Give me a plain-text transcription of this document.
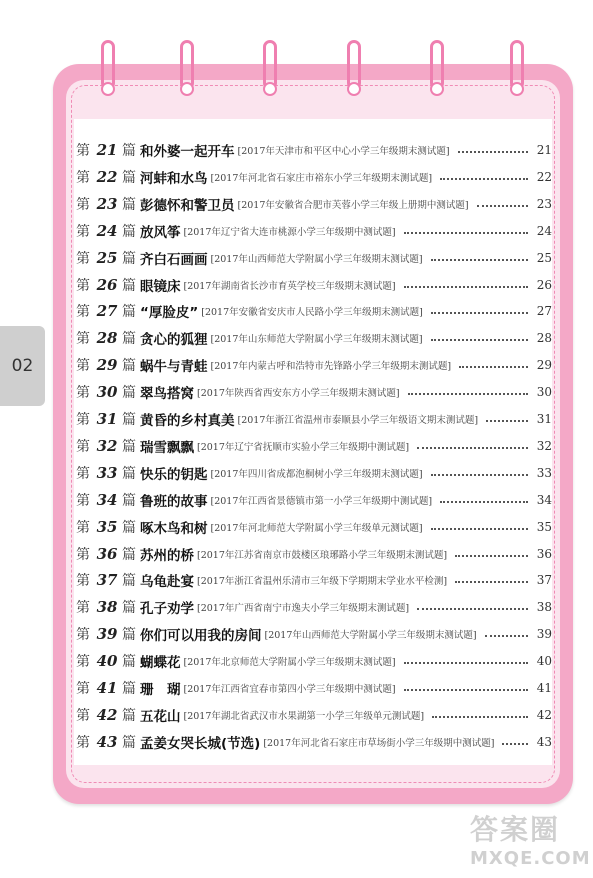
02
第 21 篇 和外婆一起开车 [2017年天津市和平区中心小学三年级期末测试题]	21
第 22 篇 河蚌和水鸟 [2017年河北省石家庄市裕东小学三年级期末测试题]	22
第 23 篇 彭德怀和警卫员 [2017年安徽省合肥市芙蓉小学三年级上册期中测试题]	23
第 24 篇 放风筝 [2017年辽宁省大连市桃源小学三年级期中测试题]	24
第 25 篇 齐白石画画 [2017年山西师范大学附属小学三年级期末测试题]	25
第 26 篇 眼镜床 [2017年湖南省长沙市育英学校三年级期末测试题]	26
第 27 篇 “厚脸皮” [2017年安徽省安庆市人民路小学三年级期末测试题]	27
第 28 篇 贪心的狐狸 [2017年山东师范大学附属小学三年级期末测试题]	28
第 29 篇 蜗牛与青蛙 [2017年内蒙古呼和浩特市先锋路小学三年级期末测试题]	29
第 30 篇 翠鸟搭窝 [2017年陕西省西安东方小学三年级期末测试题]	30
第 31 篇 黄昏的乡村真美 [2017年浙江省温州市泰顺县小学三年级语文期末测试题]	31
第 32 篇 瑞雪飘飘 [2017年辽宁省抚顺市实验小学三年级期中测试题]	32
第 33 篇 快乐的钥匙 [2017年四川省成都泡桐树小学三年级期末测试题]	33
第 34 篇 鲁班的故事 [2017年江西省景德镇市第一小学三年级期中测试题]	34
第 35 篇 啄木鸟和树 [2017年河北师范大学附属小学三年级单元测试题]	35
第 36 篇 苏州的桥 [2017年江苏省南京市鼓楼区琅琊路小学三年级期末测试题]	36
第 37 篇 乌龟赴宴 [2017年浙江省温州乐清市三年级下学期期末学业水平检测]	37
第 38 篇 孔子劝学 [2017年广西省南宁市逸夫小学三年级期末测试题]	38
第 39 篇 你们可以用我的房间 [2017年山西师范大学附属小学三年级期末测试题]	39
第 40 篇 蝴蝶花 [2017年北京师范大学附属小学三年级期末测试题]	40
第 41 篇 珊　瑚 [2017年江西省宜春市第四小学三年级期中测试题]	41
第 42 篇 五花山 [2017年湖北省武汉市水果湖第一小学三年级单元测试题]	42
第 43 篇 孟姜女哭长城(节选) [2017年河北省石家庄市草场街小学三年级期中测试题]	43
答案圈
MXQE.COM
